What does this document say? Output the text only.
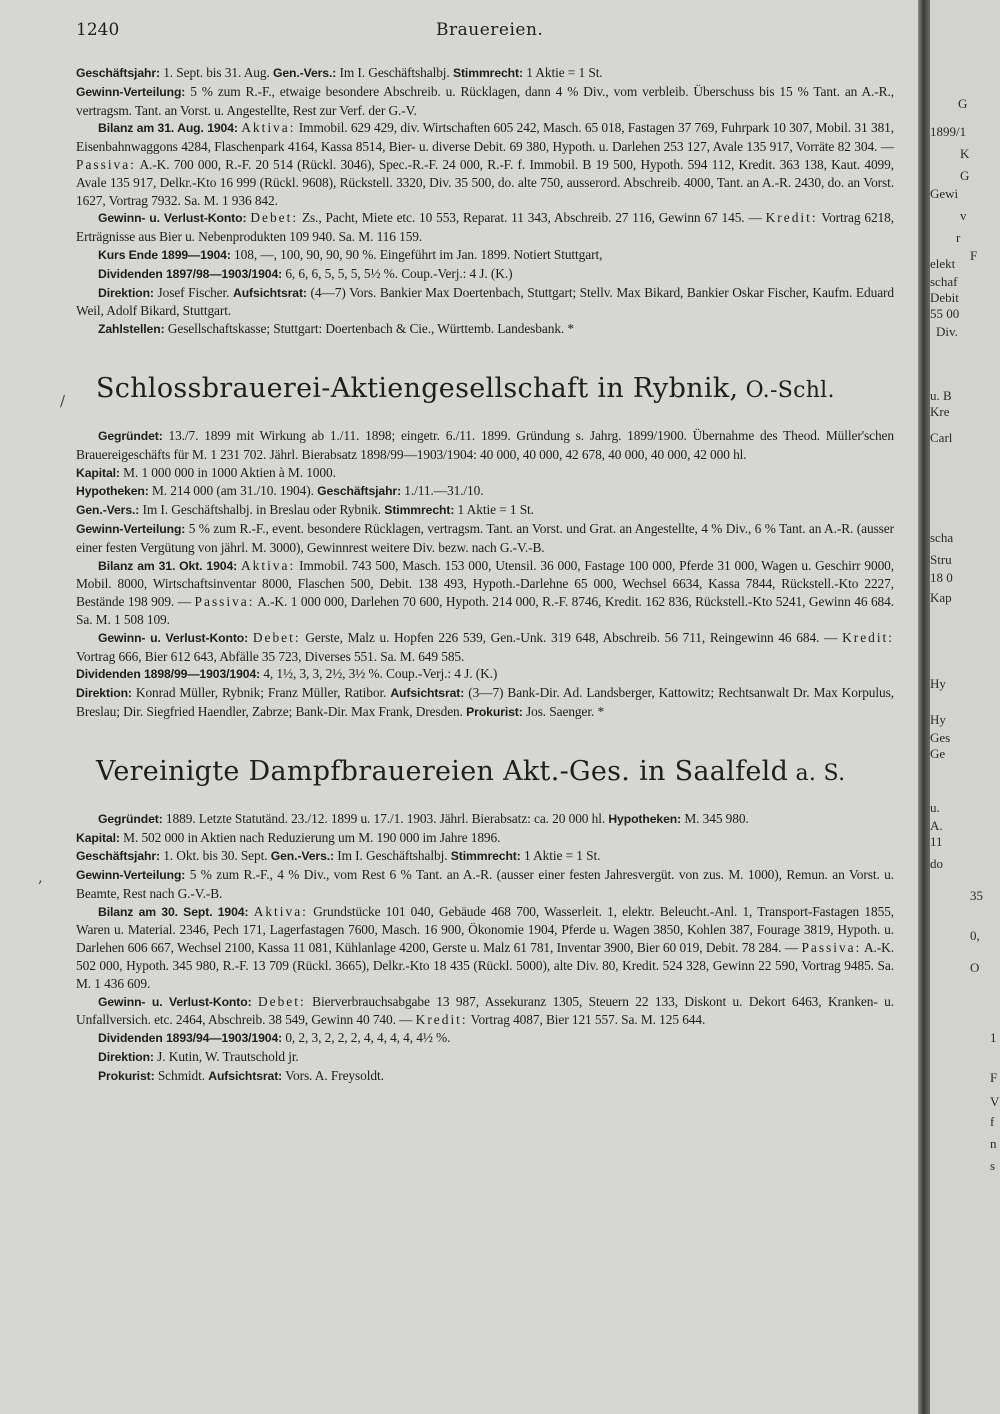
1240	Brauereien.

Geschäftsjahr: 1. Sept. bis 31. Aug. Gen.-Vers.: Im I. Geschäftshalbj. Stimmrecht: 1 Aktie = 1 St.

Gewinn-Verteilung: 5 % zum R.-F., etwaige besondere Abschreib. u. Rücklagen, dann 4 % Div., vom verbleib. Überschuss bis 15 % Tant. an A.-R., vertragsm. Tant. an Vorst. u. Angestellte, Rest zur Verf. der G.-V.

Bilanz am 31. Aug. 1904: Aktiva: Immobil. 629 429, div. Wirtschaften 605 242, Masch. 65 018, Fastagen 37 769, Fuhrpark 10 307, Mobil. 31 381, Eisenbahnwaggons 4284, Flaschenpark 4164, Kassa 8514, Bier- u. diverse Debit. 69 380, Hypoth. u. Darlehen 253 127, Avale 135 917, Vorräte 82 304. — Passiva: A.-K. 700 000, R.-F. 20 514 (Rückl. 3046), Spec.-R.-F. 24 000, R.-F. f. Immobil. B 19 500, Hypoth. 594 112, Kredit. 363 138, Kaut. 4099, Avale 135 917, Delkr.-Kto 16 999 (Rückl. 9608), Rückstell. 3320, Div. 35 500, do. alte 750, ausserord. Abschreib. 4000, Tant. an A.-R. 2430, do. an Vorst. 1627, Vortrag 7932. Sa. M. 1 936 842.

Gewinn- u. Verlust-Konto: Debet: Zs., Pacht, Miete etc. 10 553, Reparat. 11 343, Abschreib. 27 116, Gewinn 67 145. — Kredit: Vortrag 6218, Erträgnisse aus Bier u. Nebenprodukten 109 940. Sa. M. 116 159.

Kurs Ende 1899—1904: 108, —, 100, 90, 90, 90 %. Eingeführt im Jan. 1899. Notiert Stuttgart,

Dividenden 1897/98—1903/1904: 6, 6, 6, 5, 5, 5, 5½ %. Coup.-Verj.: 4 J. (K.)

Direktion: Josef Fischer. Aufsichtsrat: (4—7) Vors. Bankier Max Doertenbach, Stuttgart; Stellv. Max Bikard, Bankier Oskar Fischer, Kaufm. Eduard Weil, Adolf Bikard, Stuttgart.

Zahlstellen: Gesellschaftskasse; Stuttgart: Doertenbach & Cie., Württemb. Landesbank. *

Schlossbrauerei-Aktiengesellschaft in Rybnik, O.-Schl.

Gegründet: 13./7. 1899 mit Wirkung ab 1./11. 1898; eingetr. 6./11. 1899. Gründung s. Jahrg. 1899/1900. Übernahme des Theod. Müller'schen Brauereigeschäfts für M. 1 231 702. Jährl. Bierabsatz 1898/99—1903/1904: 40 000, 40 000, 42 678, 40 000, 40 000, 42 000 hl.

Kapital: M. 1 000 000 in 1000 Aktien à M. 1000.

Hypotheken: M. 214 000 (am 31./10. 1904). Geschäftsjahr: 1./11.—31./10.

Gen.-Vers.: Im I. Geschäftshalbj. in Breslau oder Rybnik. Stimmrecht: 1 Aktie = 1 St.

Gewinn-Verteilung: 5 % zum R.-F., event. besondere Rücklagen, vertragsm. Tant. an Vorst. und Grat. an Angestellte, 4 % Div., 6 % Tant. an A.-R. (ausser einer festen Vergütung von jährl. M. 3000), Gewinnrest weitere Div. bezw. nach G.-V.-B.

Bilanz am 31. Okt. 1904: Aktiva: Immobil. 743 500, Masch. 153 000, Utensil. 36 000, Fastage 100 000, Pferde 31 000, Wagen u. Geschirr 9000, Mobil. 8000, Wirtschaftsinventar 8000, Flaschen 500, Debit. 138 493, Hypoth.-Darlehne 65 000, Wechsel 6634, Kassa 7844, Rückstell.-Kto 2227, Bestände 198 909. — Passiva: A.-K. 1 000 000, Darlehen 70 600, Hypoth. 214 000, R.-F. 8746, Kredit. 162 836, Rückstell.-Kto 5241, Gewinn 46 684. Sa. M. 1 508 109.

Gewinn- u. Verlust-Konto: Debet: Gerste, Malz u. Hopfen 226 539, Gen.-Unk. 319 648, Abschreib. 56 711, Reingewinn 46 684. — Kredit: Vortrag 666, Bier 612 643, Abfälle 35 723, Diverses 551. Sa. M. 649 585.

Dividenden 1898/99—1903/1904: 4, 1½, 3, 3, 2½, 3½ %. Coup.-Verj.: 4 J. (K.)

Direktion: Konrad Müller, Rybnik; Franz Müller, Ratibor. Aufsichtsrat: (3—7) Bank-Dir. Ad. Landsberger, Kattowitz; Rechtsanwalt Dr. Max Korpulus, Breslau; Dir. Siegfried Haendler, Zabrze; Bank-Dir. Max Frank, Dresden. Prokurist: Jos. Saenger. *

Vereinigte Dampfbrauereien Akt.-Ges. in Saalfeld a. S.

Gegründet: 1889. Letzte Statutänd. 23./12. 1899 u. 17./1. 1903. Jährl. Bierabsatz: ca. 20 000 hl. Hypotheken: M. 345 980.

Kapital: M. 502 000 in Aktien nach Reduzierung um M. 190 000 im Jahre 1896.

Geschäftsjahr: 1. Okt. bis 30. Sept. Gen.-Vers.: Im I. Geschäftshalbj. Stimmrecht: 1 Aktie = 1 St.

Gewinn-Verteilung: 5 % zum R.-F., 4 % Div., vom Rest 6 % Tant. an A.-R. (ausser einer festen Jahresvergüt. von zus. M. 1000), Remun. an Vorst. u. Beamte, Rest nach G.-V.-B.

Bilanz am 30. Sept. 1904: Aktiva: Grundstücke 101 040, Gebäude 468 700, Wasserleit. 1, elektr. Beleucht.-Anl. 1, Transport-Fastagen 1855, Waren u. Material. 2346, Pech 171, Lagerfastagen 7600, Masch. 16 900, Ökonomie 1904, Pferde u. Wagen 3850, Kohlen 387, Fourage 3819, Hypoth. u. Darlehen 606 667, Wechsel 2100, Kassa 11 081, Kühlanlage 4200, Gerste u. Malz 61 781, Inventar 3900, Bier 60 019, Debit. 78 284. — Passiva: A.-K. 502 000, Hypoth. 345 980, R.-F. 13 709 (Rückl. 3665), Delkr.-Kto 18 435 (Rückl. 5000), alte Div. 80, Kredit. 524 328, Gewinn 22 590, Vortrag 9485. Sa. M. 1 436 609.

Gewinn- u. Verlust-Konto: Debet: Bierverbrauchsabgabe 13 987, Assekuranz 1305, Steuern 22 133, Diskont u. Dekort 6463, Kranken- u. Unfallversich. etc. 2464, Abschreib. 38 549, Gewinn 40 740. — Kredit: Vortrag 4087, Bier 121 557. Sa. M. 125 644.

Dividenden 1893/94—1903/1904: 0, 2, 3, 2, 2, 2, 4, 4, 4, 4, 4½ %.

Direktion: J. Kutin, W. Trautschold jr.

Prokurist: Schmidt. Aufsichtsrat: Vors. A. Freysoldt.

/
,
G
1899/1
K
G
Gewi
v
r
F
elekt
schaf
Debit
55 00
Div.
u. B
Kre
Carl
scha
Stru
18 0
Kap
Hy
Hy
Ges
Ge
u.
A.
11
do
35
0,
O
1
F
V
f
n
s
